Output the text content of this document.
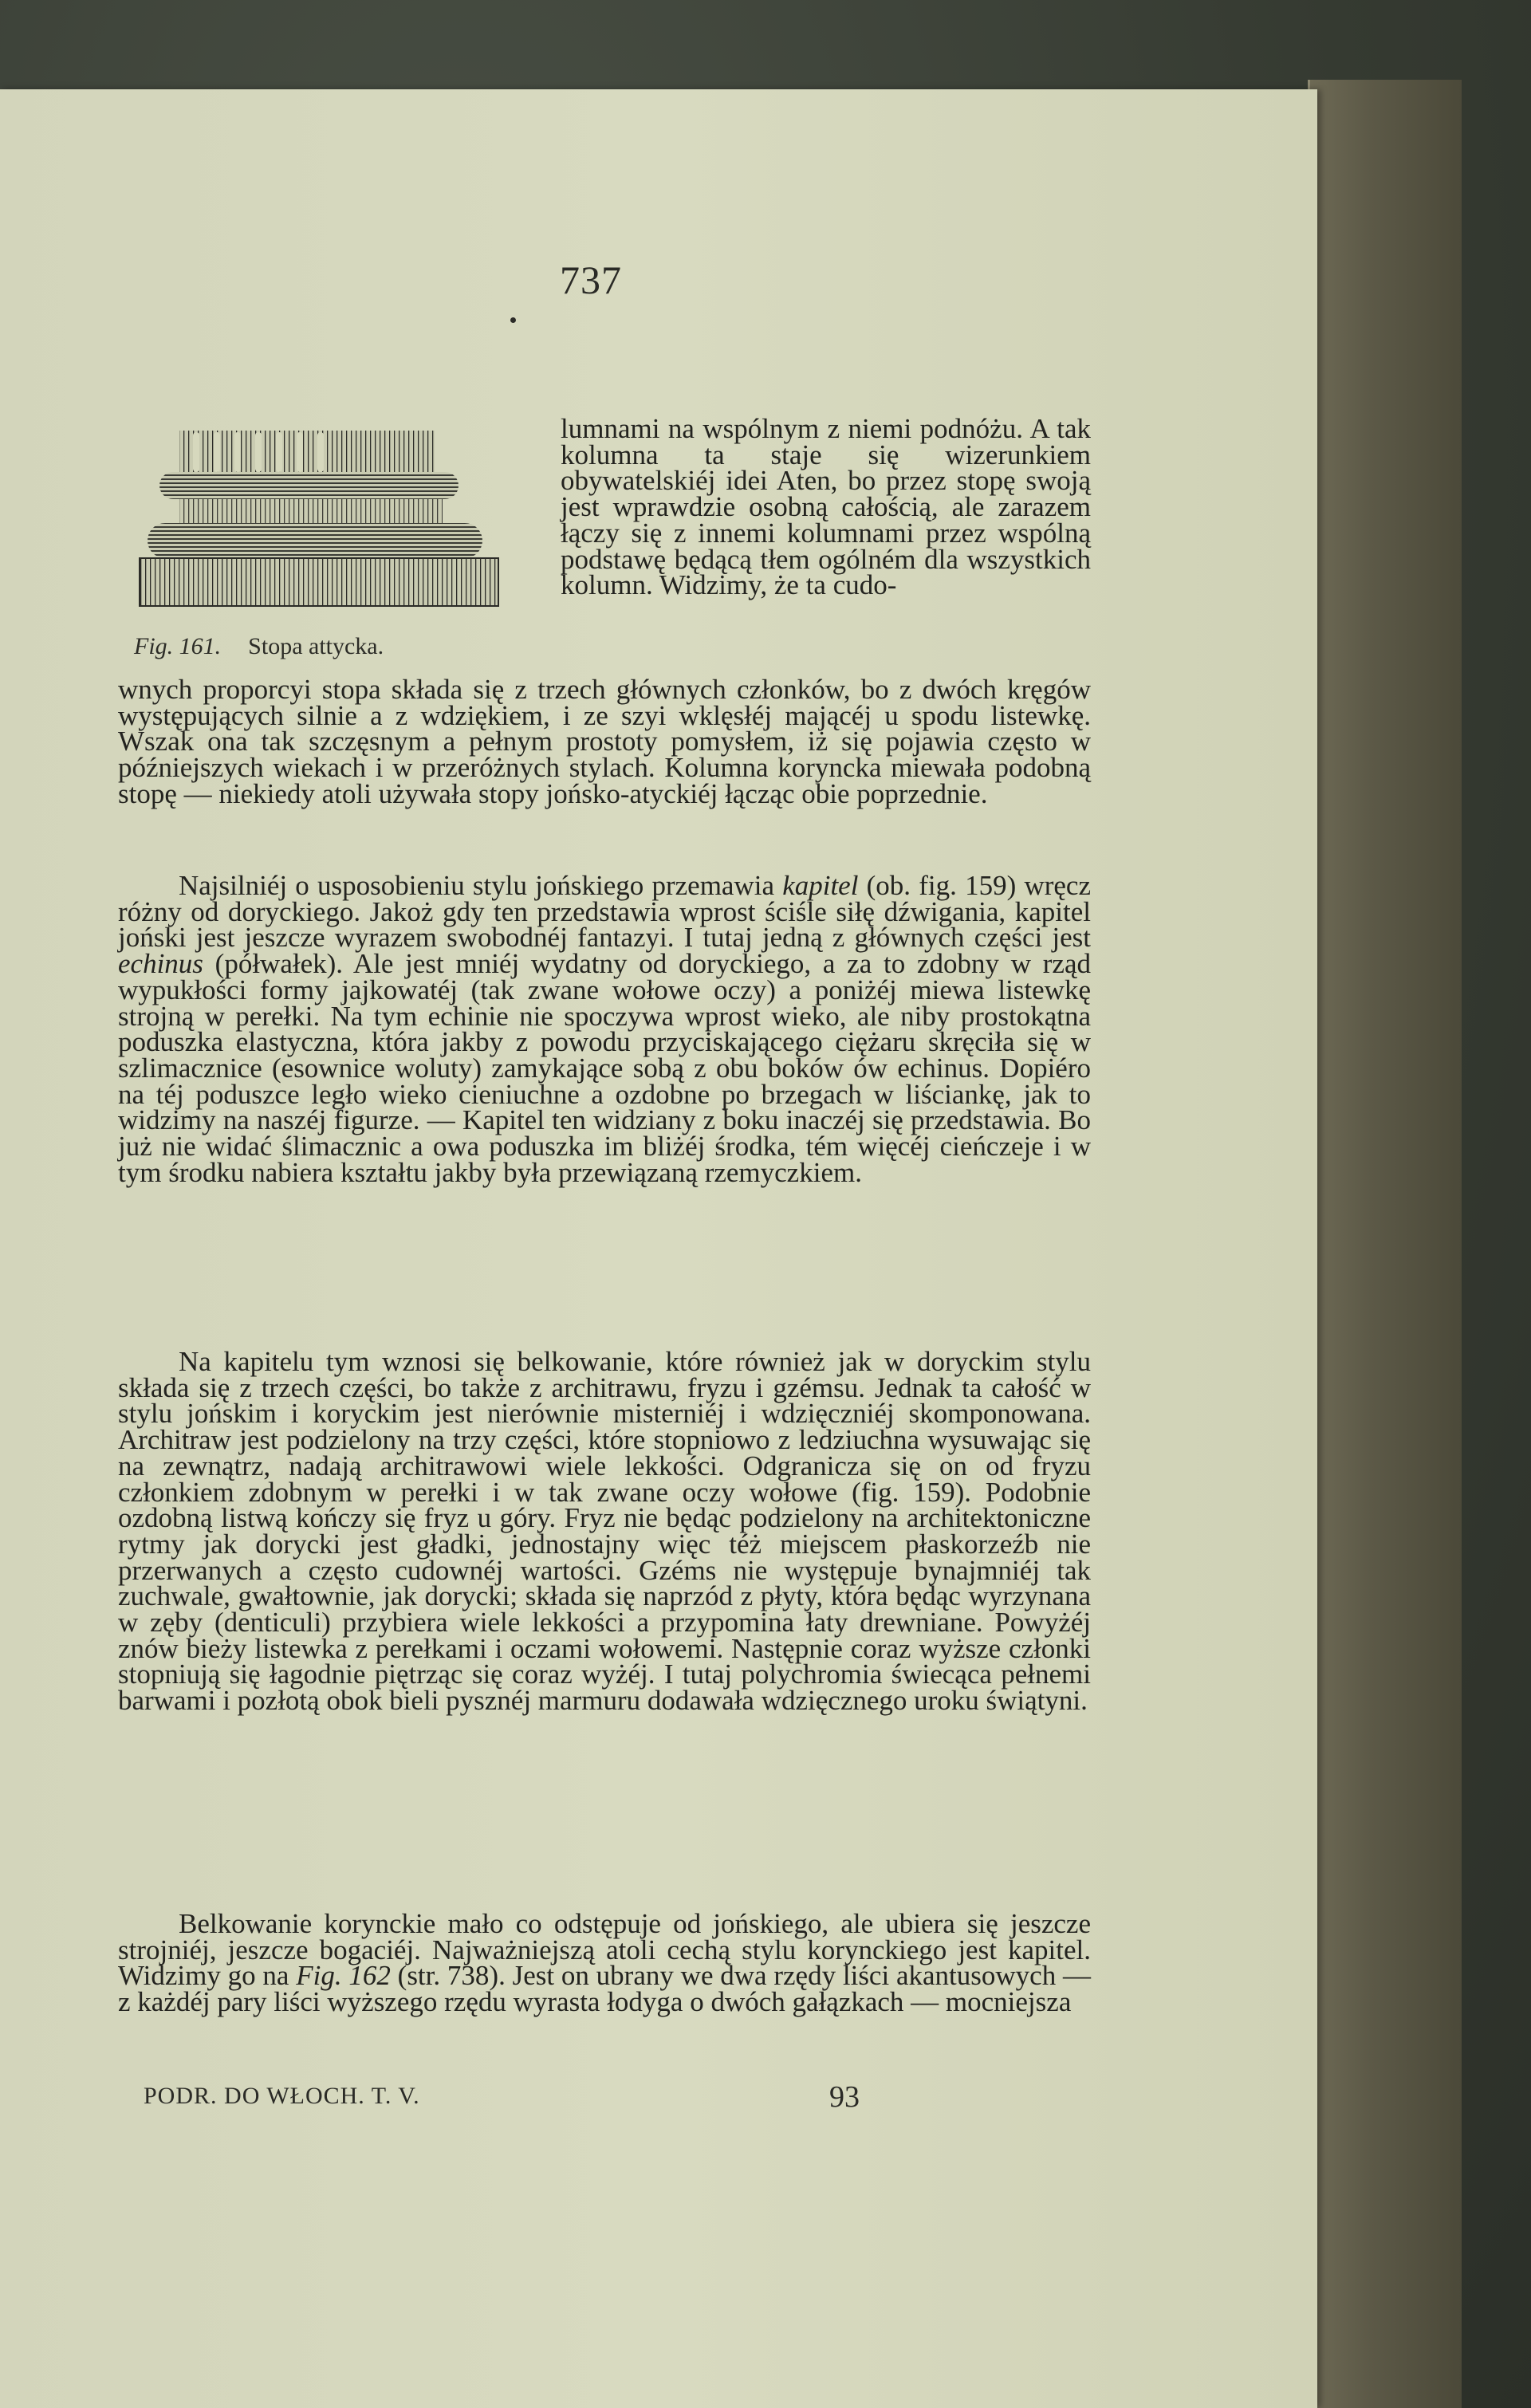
737
Fig. 161. Stopa attycka.
lumnami na wspólnym z niemi podnóżu. A tak kolumna ta staje się wizerunkiem obywatelskiéj idei Aten, bo przez stopę swoją jest wprawdzie osobną całością, ale zarazem łączy się z innemi kolumnami przez wspólną podstawę będącą tłem ogólném dla wszystkich kolumn. Widzimy, że ta cudo-
wnych proporcyi stopa składa się z trzech głównych członków, bo z dwóch kręgów występujących silnie a z wdziękiem, i ze szyi wklęsłéj mającéj u spodu listewkę. Wszak ona tak szczęsnym a pełnym prostoty pomysłem, iż się pojawia często w późniejszych wiekach i w przeróżnych stylach. Kolumna koryncka miewała podobną stopę — niekiedy atoli używała stopy jońsko-atyckiéj łącząc obie poprzednie.
Najsilniéj o usposobieniu stylu jońskiego przemawia kapitel (ob. fig. 159) wręcz różny od doryckiego. Jakoż gdy ten przedstawia wprost ściśle siłę dźwigania, kapitel joński jest jeszcze wyrazem swobodnéj fantazyi. I tutaj jedną z głównych części jest echinus (półwałek). Ale jest mniéj wydatny od doryckiego, a za to zdobny w rząd wypukłości formy jajkowatéj (tak zwane wołowe oczy) a poniżéj miewa listewkę strojną w perełki. Na tym echinie nie spoczywa wprost wieko, ale niby prostokątna poduszka elastyczna, która jakby z powodu przyciskającego ciężaru skręciła się w szlimacznice (esownice woluty) zamykające sobą z obu boków ów echinus. Dopiéro na téj poduszce legło wieko cieniuchne a ozdobne po brzegach w liściankę, jak to widzimy na naszéj figurze. — Kapitel ten widziany z boku inaczéj się przedstawia. Bo już nie widać ślimacznic a owa poduszka im bliżéj środka, tém więcéj cieńczeje i w tym środku nabiera kształtu jakby była przewiązaną rzemyczkiem.
Na kapitelu tym wznosi się belkowanie, które również jak w doryckim stylu składa się z trzech części, bo także z architrawu, fryzu i gzémsu. Jednak ta całość w stylu jońskim i koryckim jest nierównie misterniéj i wdzięczniéj skomponowana. Architraw jest podzielony na trzy części, które stopniowo z ledziuchna wysuwając się na zewnątrz, nadają architrawowi wiele lekkości. Odgranicza się on od fryzu członkiem zdobnym w perełki i w tak zwane oczy wołowe (fig. 159). Podobnie ozdobną listwą kończy się fryz u góry. Fryz nie będąc podzielony na architektoniczne rytmy jak dorycki jest gładki, jednostajny więc téż miejscem płaskorzeźb nie przerwanych a często cudownéj wartości. Gzéms nie występuje bynajmniéj tak zuchwale, gwałtownie, jak dorycki; składa się naprzód z płyty, która będąc wyrzynana w zęby (denticuli) przybiera wiele lekkości a przypomina łaty drewniane. Powyżéj znów bieży listewka z perełkami i oczami wołowemi. Następnie coraz wyższe członki stopniują się łagodnie piętrząc się coraz wyżéj. I tutaj polychromia świecąca pełnemi barwami i pozłotą obok bieli pysznéj marmuru dodawała wdzięcznego uroku świątyni.
Belkowanie korynckie mało co odstępuje od jońskiego, ale ubiera się jeszcze strojniéj, jeszcze bogaciéj. Najważniejszą atoli cechą stylu korynckiego jest kapitel. Widzimy go na Fig. 162 (str. 738). Jest on ubrany we dwa rzędy liści akantusowych — z każdéj pary liści wyższego rzędu wyrasta łodyga o dwóch gałązkach — mocniejsza
PODR. DO WŁOCH. T. V.	93
